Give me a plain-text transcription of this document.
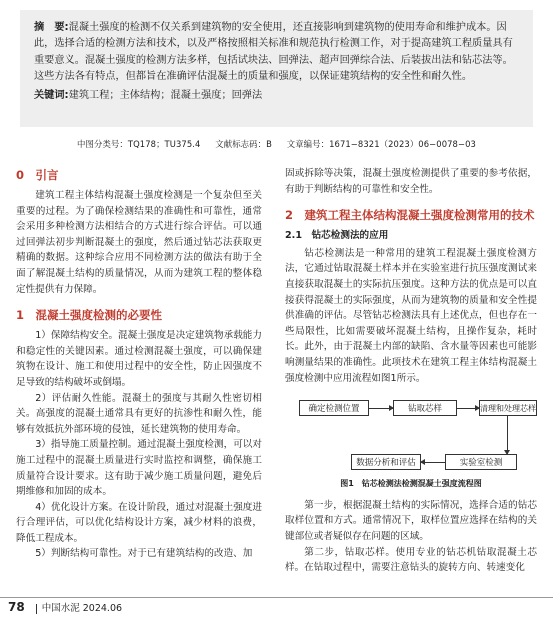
摘　要:混凝土强度的检测不仅关系到建筑物的安全使用，还直接影响到建筑物的使用寿命和维护成本。因此，选择合适的检测方法和技术，以及严格按照相关标准和规范执行检测工作，对于提高建筑工程质量具有重要意义。混凝土强度的检测方法多样，包括试块法、回弹法、超声回弹综合法、后装拔出法和钻芯法等。这些方法各有特点，但都旨在准确评估混凝土的质量和强度，以保证建筑结构的安全性和耐久性。

关键词:建筑工程；主体结构；混凝土强度；回弹法

中图分类号：TQ178；TU375.4 文献标志码：B 文章编号：1671−8321（2023）06−0078−03
0　引言

建筑工程主体结构混凝土强度检测是一个复杂但至关重要的过程。为了确保检测结果的准确性和可靠性，通常会采用多种检测方法相结合的方式进行综合评估。可以通过回弹法初步判断混凝土的强度，然后通过钻芯法获取更精确的数据。这种综合应用不同检测方法的做法有助于全面了解混凝土结构的质量情况，从而为建筑工程的整体稳定性提供有力保障。

1　混凝土强度检测的必要性

1）保障结构安全。混凝土强度是决定建筑物承载能力和稳定性的关键因素。通过检测混凝土强度，可以确保建筑物在设计、施工和使用过程中的安全性，防止因强度不足导致的结构破坏或倒塌。

2）评估耐久性能。混凝土的强度与其耐久性密切相关。高强度的混凝土通常具有更好的抗渗性和耐久性，能够有效抵抗外部环境的侵蚀，延长建筑物的使用寿命。

3）指导施工质量控制。通过混凝土强度检测，可以对施工过程中的混凝土质量进行实时监控和调整，确保施工质量符合设计要求。这有助于减少施工质量问题，避免后期维修和加固的成本。

4）优化设计方案。在设计阶段，通过对混凝土强度进行合理评估，可以优化结构设计方案，减少材料的浪费，降低工程成本。

5）判断结构可靠性。对于已有建筑结构的改造、加

固或拆除等决策，混凝土强度检测提供了重要的参考依据，有助于判断结构的可靠性和安全性。

2　建筑工程主体结构混凝土强度检测常用的技术
2.1　钻芯检测法的应用

钻芯检测法是一种常用的建筑工程混凝土强度检测方法，它通过钻取混凝土样本并在实验室进行抗压强度测试来直接获取混凝土的实际抗压强度。这种方法的优点是可以直接获得混凝土的实际强度，从而为建筑物的质量和安全性提供准确的评估。尽管钻芯检测法具有上述优点，但也存在一些局限性，比如需要破坏混凝土结构，且操作复杂，耗时长。此外，由于混凝土内部的缺陷、含水量等因素也可能影响测量结果的准确性。此项技术在建筑工程主体结构混凝土强度检测中应用流程如图1所示。

确定检测位置	钻取芯样	清理和处理芯样
实验室检测
数据分析和评估
图1　钻芯检测法检测混凝土强度流程图

第一步，根据混凝土结构的实际情况，选择合适的钻芯取样位置和方式。通常情况下，取样位置应选择在结构的关键部位或者疑似存在问题的区域。

第二步，钻取芯样。使用专业的钻芯机钻取混凝土芯样。在钻取过程中，需要注意钻头的旋转方向、转速变化

78 中国水泥 2024.06
